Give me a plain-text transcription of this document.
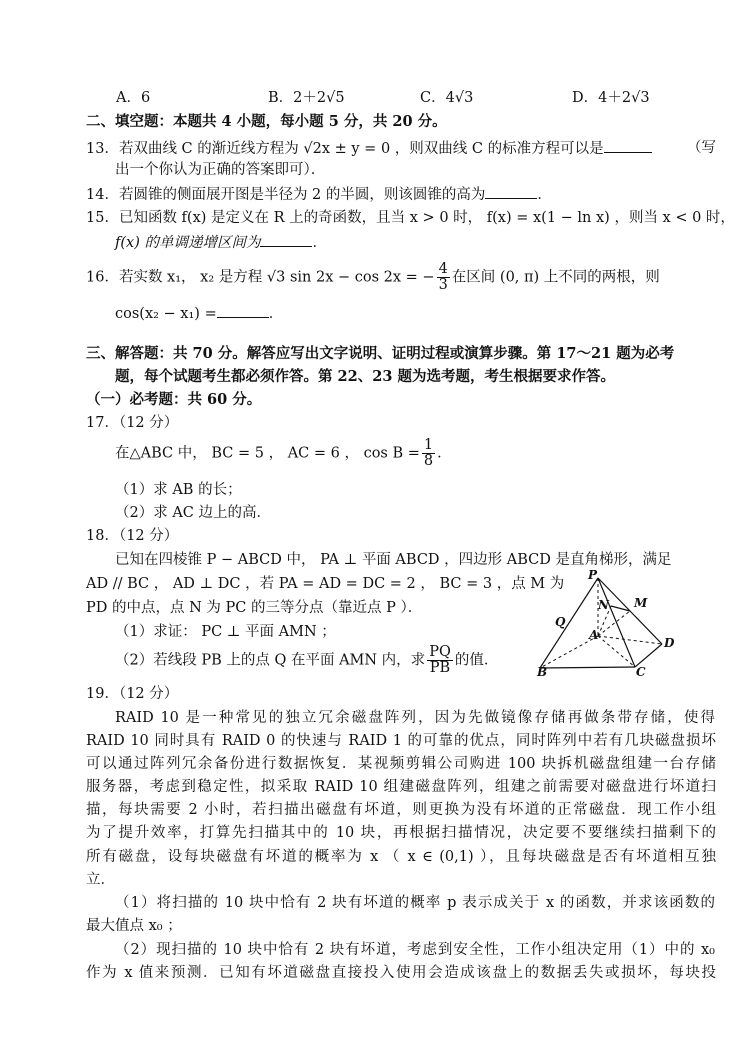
A．6	B．2＋2√5	C．4√3	D．4＋2√3
二、填空题：本题共 4 小题，每小题 5 分，共 20 分。
13．若双曲线 C 的渐近线方程为 √2x ± y = 0 ，则双曲线 C 的标准方程可以是	（写
出一个你认为正确的答案即可）．
14．若圆锥的侧面展开图是半径为 2 的半圆，则该圆锥的高为	．
15．已知函数 f(x) 是定义在 R 上的奇函数，且当 x > 0 时， f(x) = x(1 − ln x) ，则当 x < 0 时，
f(x) 的单调递增区间为	．
16．若实数 x₁， x₂ 是方程 √3 sin 2x − cos 2x = − $\frac{4}{3}$ 在区间 (0, π) 上不同的两根，则
cos(x₂ − x₁) =	．
三、解答题：共 70 分。解答应写出文字说明、证明过程或演算步骤。第 17～21 题为必考
题，每个试题考生都必须作答。第 22、23 题为选考题，考生根据要求作答。
（一）必考题：共 60 分。
17．（12 分）
在△ABC 中， BC = 5 ， AC = 6 ， $\cos B = \frac{1}{8}$ ．
（1）求 AB 的长；
（2）求 AC 边上的高．
18．（12 分）
已知在四棱锥 P − ABCD 中， PA ⊥ 平面 ABCD ，四边形 ABCD 是直角梯形，满足
AD // BC ， AD ⊥ DC ，若 PA = AD = DC = 2 ， BC = 3 ，点 M 为
PD 的中点，点 N 为 PC 的三等分点（靠近点 P ）．
（1）求证： PC ⊥ 平面 AMN ；
（2）若线段 PB 上的点 Q 在平面 AMN 内，求 $\frac{PQ}{PB}$ 的值．
P
N M
Q
A
D
B	C
19．（12 分）
RAID 10 是一种常见的独立冗余磁盘阵列，因为先做镜像存储再做条带存储，使得
RAID 10 同时具有 RAID 0 的快速与 RAID 1 的可靠的优点，同时阵列中若有几块磁盘损坏
可以通过阵列冗余备份进行数据恢复．某视频剪辑公司购进 100 块拆机磁盘组建一台存储
服务器，考虑到稳定性，拟采取 RAID 10 组建磁盘阵列，组建之前需要对磁盘进行坏道扫
描，每块需要 2 小时，若扫描出磁盘有坏道，则更换为没有坏道的正常磁盘．现工作小组
为了提升效率，打算先扫描其中的 10 块，再根据扫描情况，决定要不要继续扫描剩下的
所有磁盘，设每块磁盘有坏道的概率为 x （ x ∈ (0,1) ），且每块磁盘是否有坏道相互独
立．
（1）将扫描的 10 块中恰有 2 块有坏道的概率 p 表示成关于 x 的函数，并求该函数的
最大值点 x₀ ；
（2）现扫描的 10 块中恰有 2 块有坏道，考虑到安全性，工作小组决定用（1）中的 x₀
作为 x 值来预测．已知有坏道磁盘直接投入使用会造成该盘上的数据丢失或损坏，每块投
